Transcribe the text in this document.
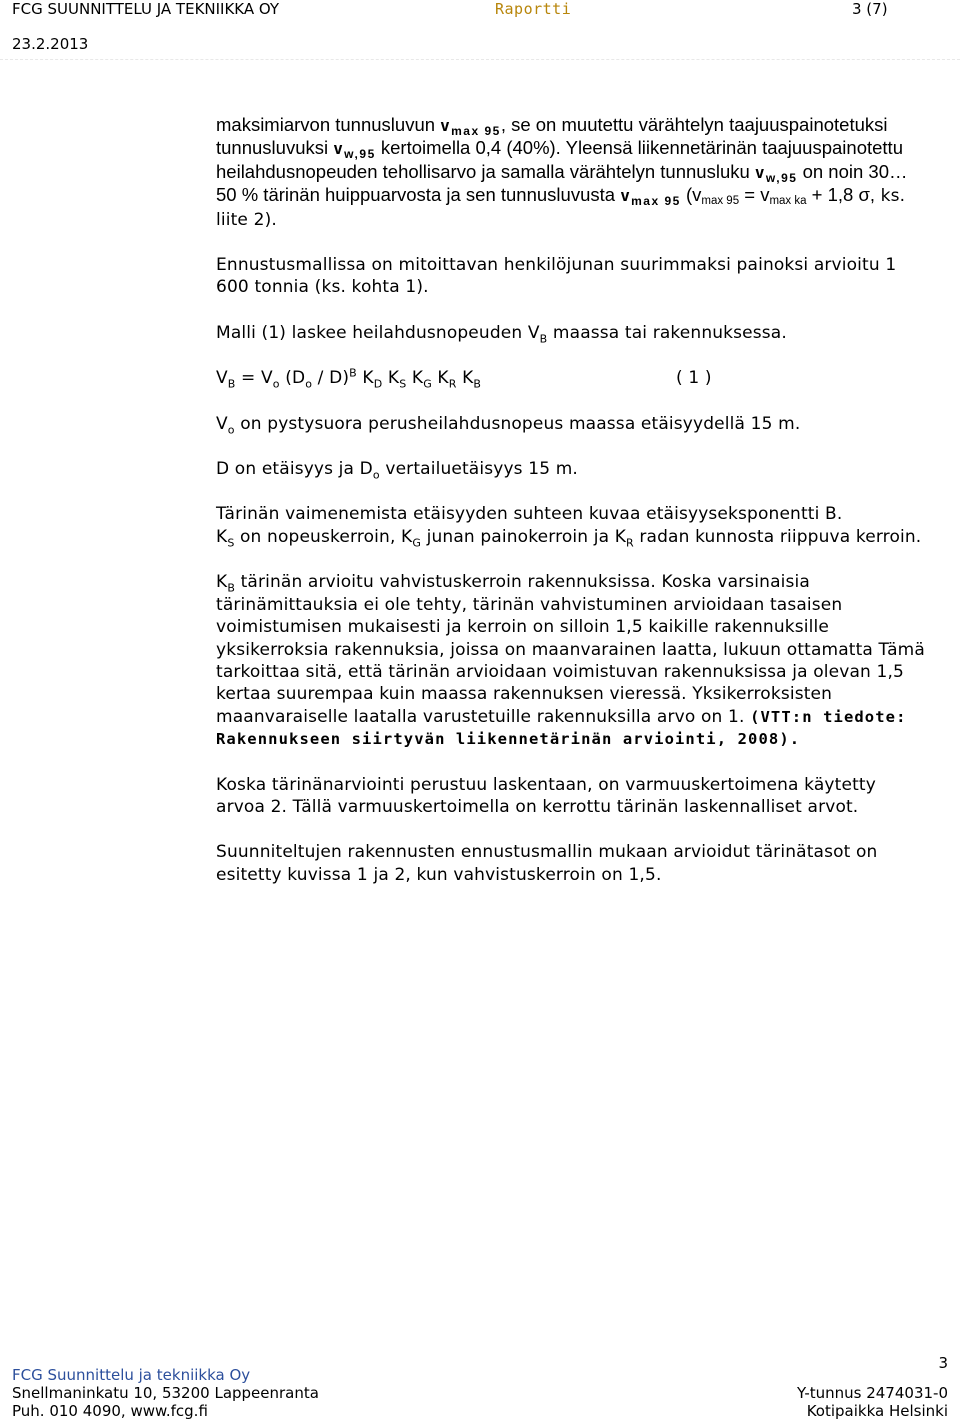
FCG SUUNNITTELU JA TEKNIIKKA OY	Raportti	3 (7)
23.2.2013

maksimiarvon tunnusluvun $v_{max 95}$, se on muutettu värähtelyn taajuuspainotetuksi tunnusluvuksi $v_{w,95}$ kertoimella 0,4 (40%). Yleensä liikennetärinän taajuuspainotettu heilahdusnopeuden tehollisarvo ja samalla värähtelyn tunnusluku $v_{w,95}$ on noin 30…50 % tärinän huippuarvosta ja sen tunnusluvusta $v_{max 95}$ (vmax 95 = vmax ka + 1,8 σ, ks. liite 2).

Ennustusmallissa on mitoittavan henkilöjunan suurimmaksi painoksi arvioitu 1 600 tonnia (ks. kohta 1).

Malli (1) laskee heilahdusnopeuden $V_B$ maassa tai rakennuksessa.

$V_B = V_o$ $(D_o / D)^B$ $K_D$ $K_S$ $K_G$ $K_R$ $K_B$	( 1 )

$V_o$ on pystysuora perusheilahdusnopeus maassa etäisyydellä 15 m.

D on etäisyys ja $D_o$ vertailuetäisyys 15 m.

Tärinän vaimenemista etäisyyden suhteen kuvaa etäisyyseksponentti B.
$K_S$ on nopeuskerroin, $K_G$ junan painokerroin ja $K_R$ radan kunnosta riippuva kerroin.

$K_B$ tärinän arvioitu vahvistuskerroin rakennuksissa. Koska varsinaisia tärinämittauksia ei ole tehty, tärinän vahvistuminen arvioidaan tasaisen voimistumisen mukaisesti ja kerroin on silloin 1,5 kaikille rakennuksille yksikerroksia rakennuksia, joissa on maanvarainen laatta, lukuun ottamatta Tämä tarkoittaa sitä, että tärinän arvioidaan voimistuvan rakennuksissa ja olevan 1,5 kertaa suurempaa kuin maassa rakennuksen vieressä. Yksikerroksisten maanvaraiselle laatalla varustetuille rakennuksilla arvo on 1. (VTT:n tiedote: Rakennukseen siirtyvän liikennetärinän arviointi, 2008).

Koska tärinänarviointi perustuu laskentaan, on varmuuskertoimena käytetty arvoa 2. Tällä varmuuskertoimella on kerrottu tärinän laskennalliset arvot.

Suunniteltujen rakennusten ennustusmallin mukaan arvioidut tärinätasot on esitetty kuvissa 1 ja 2, kun vahvistuskerroin on 1,5.

FCG Suunnittelu ja tekniikka Oy
Snellmaninkatu 10, 53200 Lappeenranta
Puh. 010 4090, www.fcg.fi
3
Y-tunnus 2474031-0
Kotipaikka Helsinki
